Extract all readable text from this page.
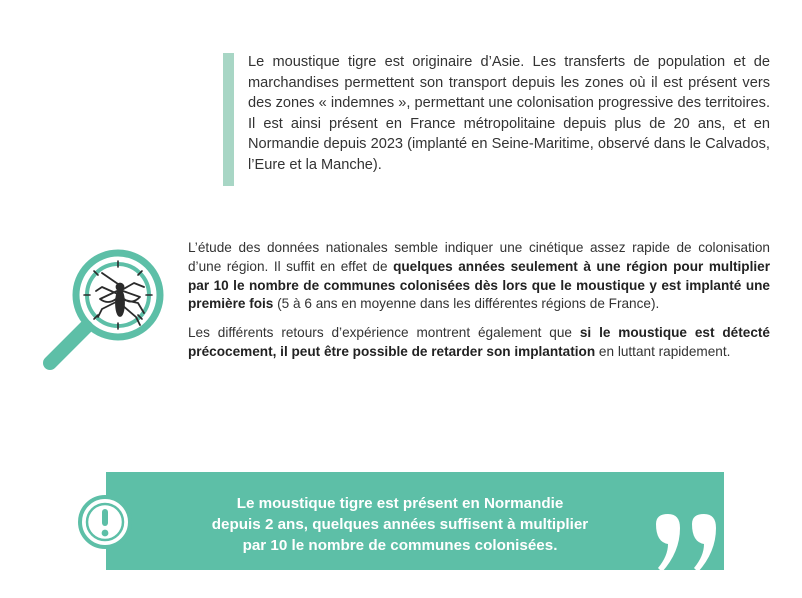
Le moustique tigre est originaire d’Asie. Les transferts de population et de marchandises permettent son transport depuis les zones où il est présent vers des zones « indemnes », permettant une colonisation progressive des territoires. Il est ainsi présent en France métropolitaine depuis plus de 20 ans, et en Normandie depuis 2023 (implanté en Seine-Maritime, observé dans le Calvados, l’Eure et la Manche).

L’étude des données nationales semble indiquer une cinétique assez rapide de colonisation d’une région. Il suffit en effet de quelques années seulement à une région pour multiplier par 10 le nombre de communes colonisées dès lors que le moustique y est implanté une première fois (5 à 6 ans en moyenne dans les différentes régions de France).

Les différents retours d’expérience montrent également que si le moustique est détecté précocement, il peut être possible de retarder son implantation en luttant rapidement.

Le moustique tigre est présent en Normandie
depuis 2 ans, quelques années suffisent à multiplier
par 10 le nombre de communes colonisées.
